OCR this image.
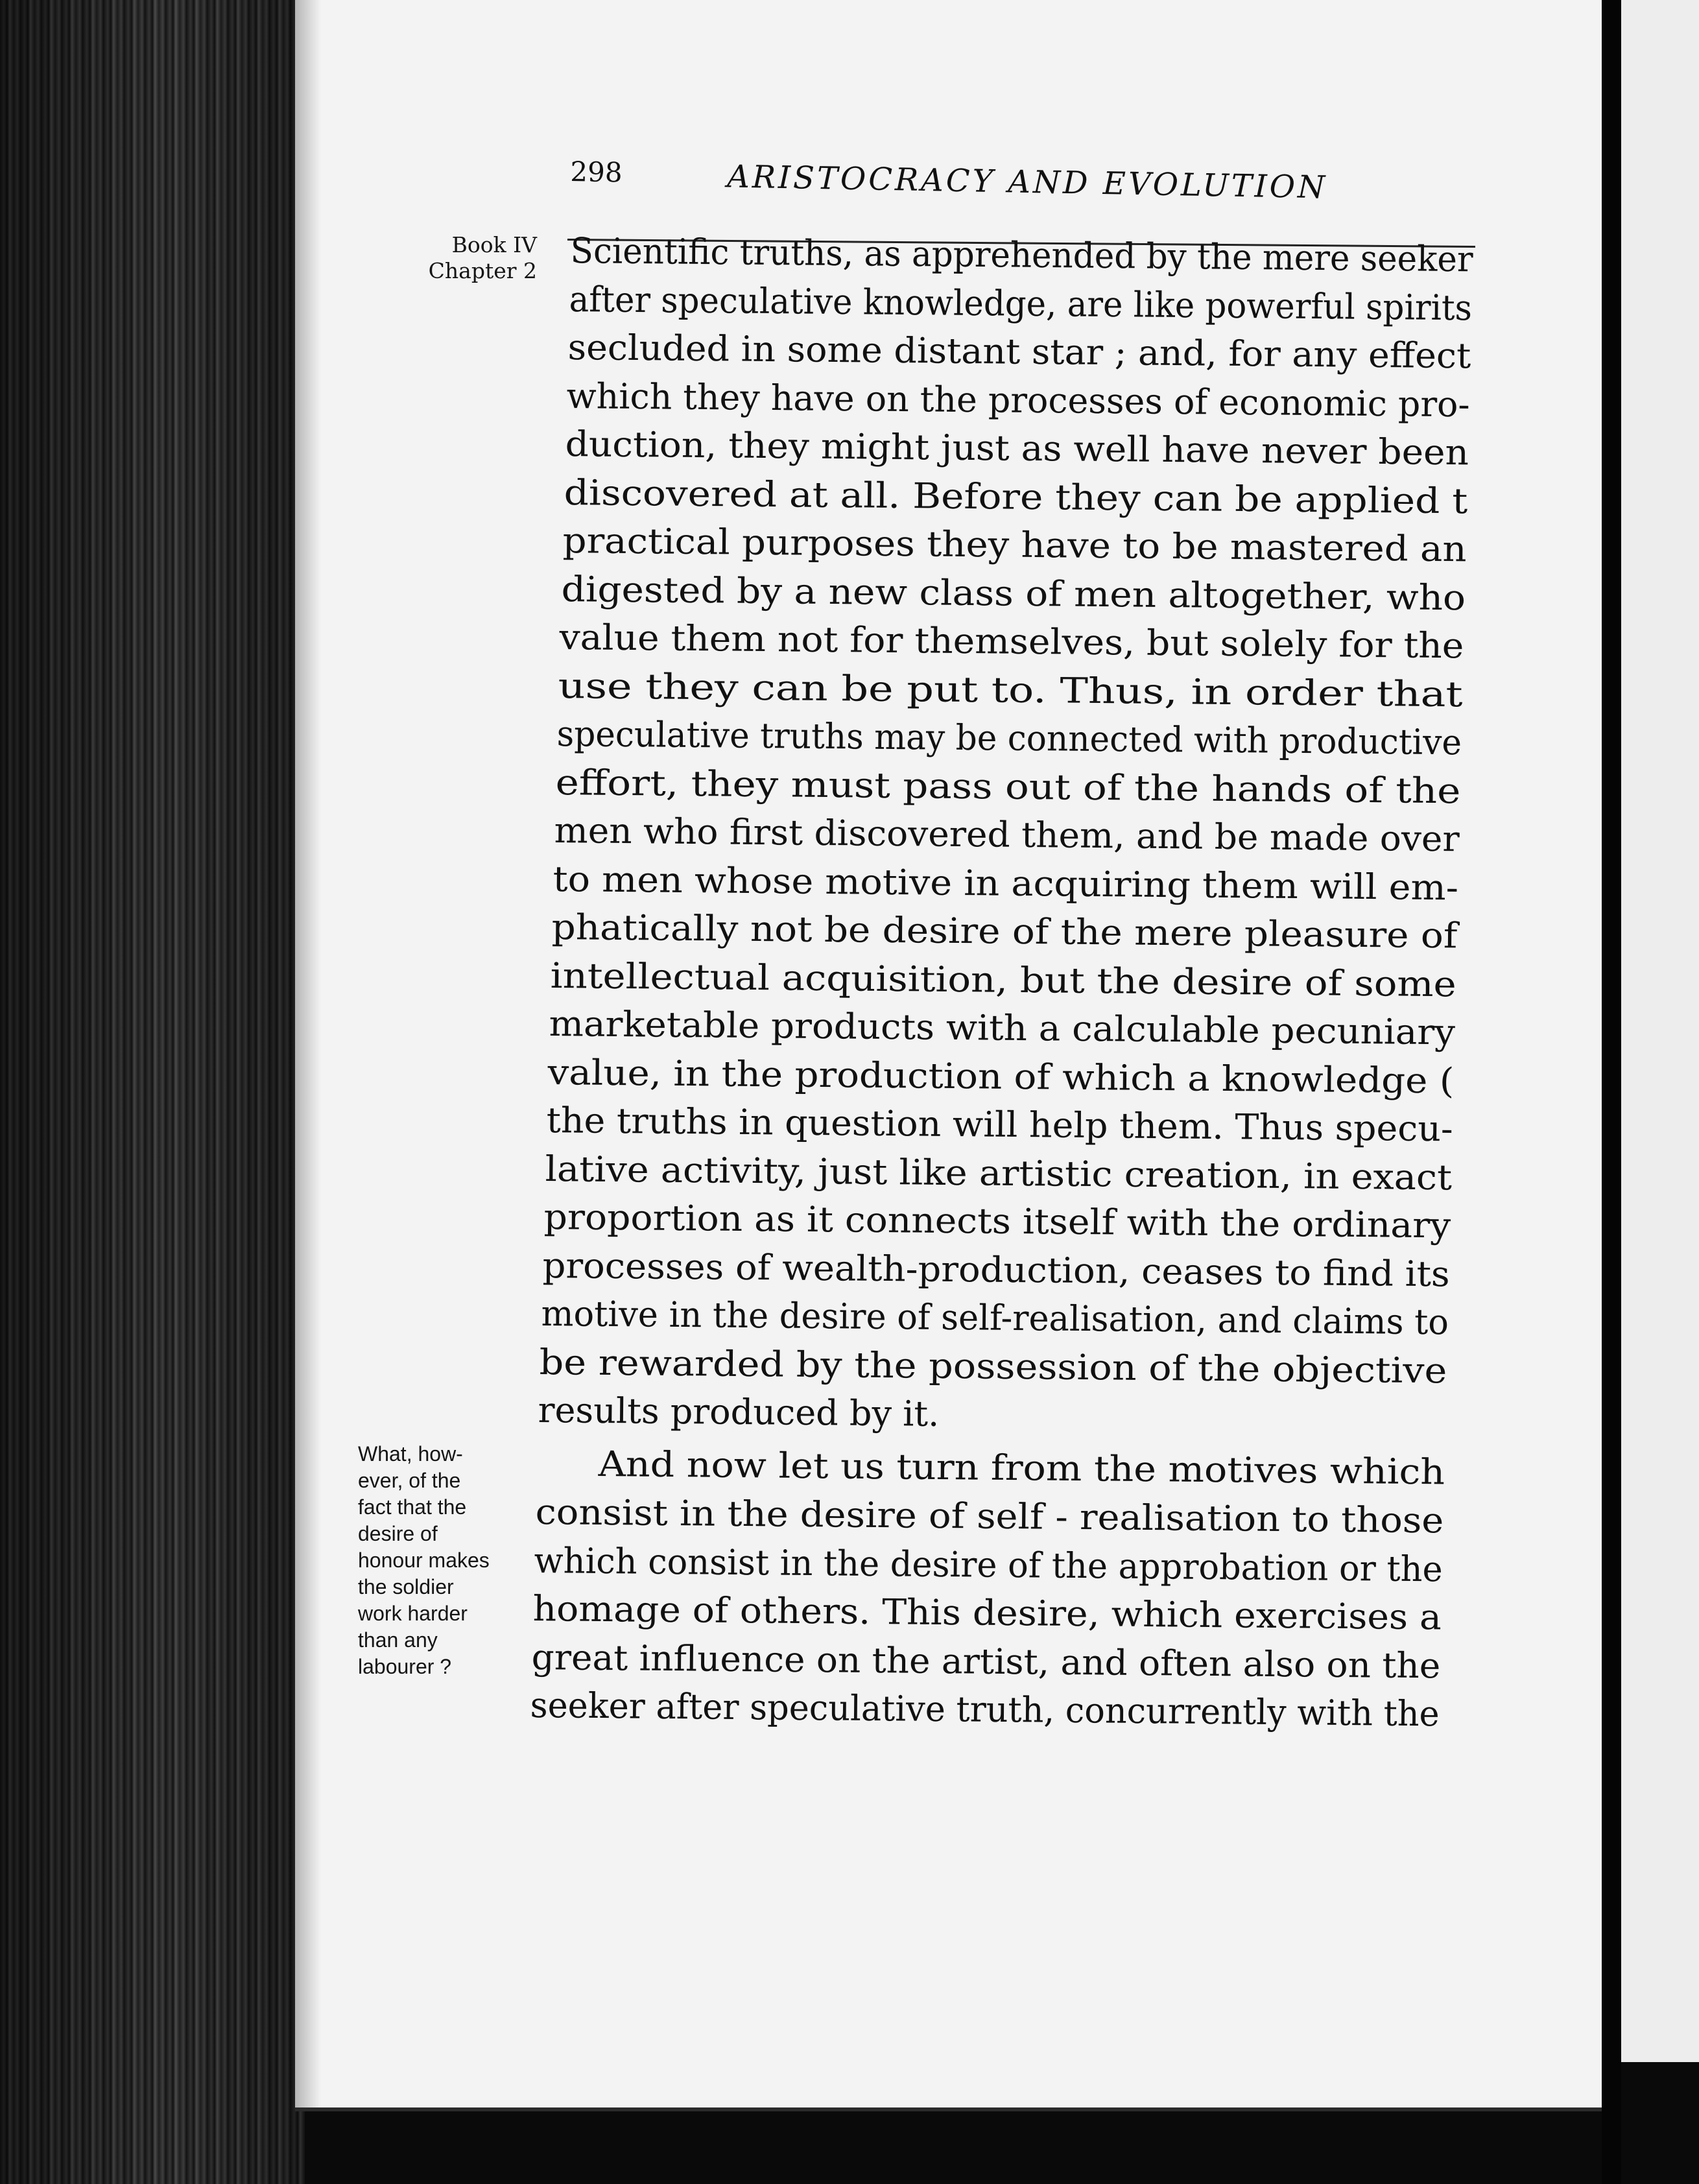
298	ARISTOCRACY AND EVOLUTION
Book IV
Chapter 2
What, how-
ever, of the
fact that the
desire of
honour makes
the soldier
work harder
than any
labourer ?
Scientific truths, as apprehended by the mere seeker
after speculative knowledge, are like powerful spirits
secluded in some distant star ; and, for any effect
which they have on the processes of economic pro-
duction, they might just as well have never been
discovered at all. Before they can be applied t
practical purposes they have to be mastered an
digested by a new class of men altogether, who
value them not for themselves, but solely for the
use they can be put to. Thus, in order that
speculative truths may be connected with productive
effort, they must pass out of the hands of the
men who first discovered them, and be made over
to men whose motive in acquiring them will em-
phatically not be desire of the mere pleasure of
intellectual acquisition, but the desire of some
marketable products with a calculable pecuniary
value, in the production of which a knowledge (
the truths in question will help them. Thus specu-
lative activity, just like artistic creation, in exact
proportion as it connects itself with the ordinary
processes of wealth-production, ceases to find its
motive in the desire of self-realisation, and claims to
be rewarded by the possession of the objective
results produced by it.
And now let us turn from the motives which
consist in the desire of self - realisation to those
which consist in the desire of the approbation or the
homage of others. This desire, which exercises a
great influence on the artist, and often also on the
seeker after speculative truth, concurrently with the
